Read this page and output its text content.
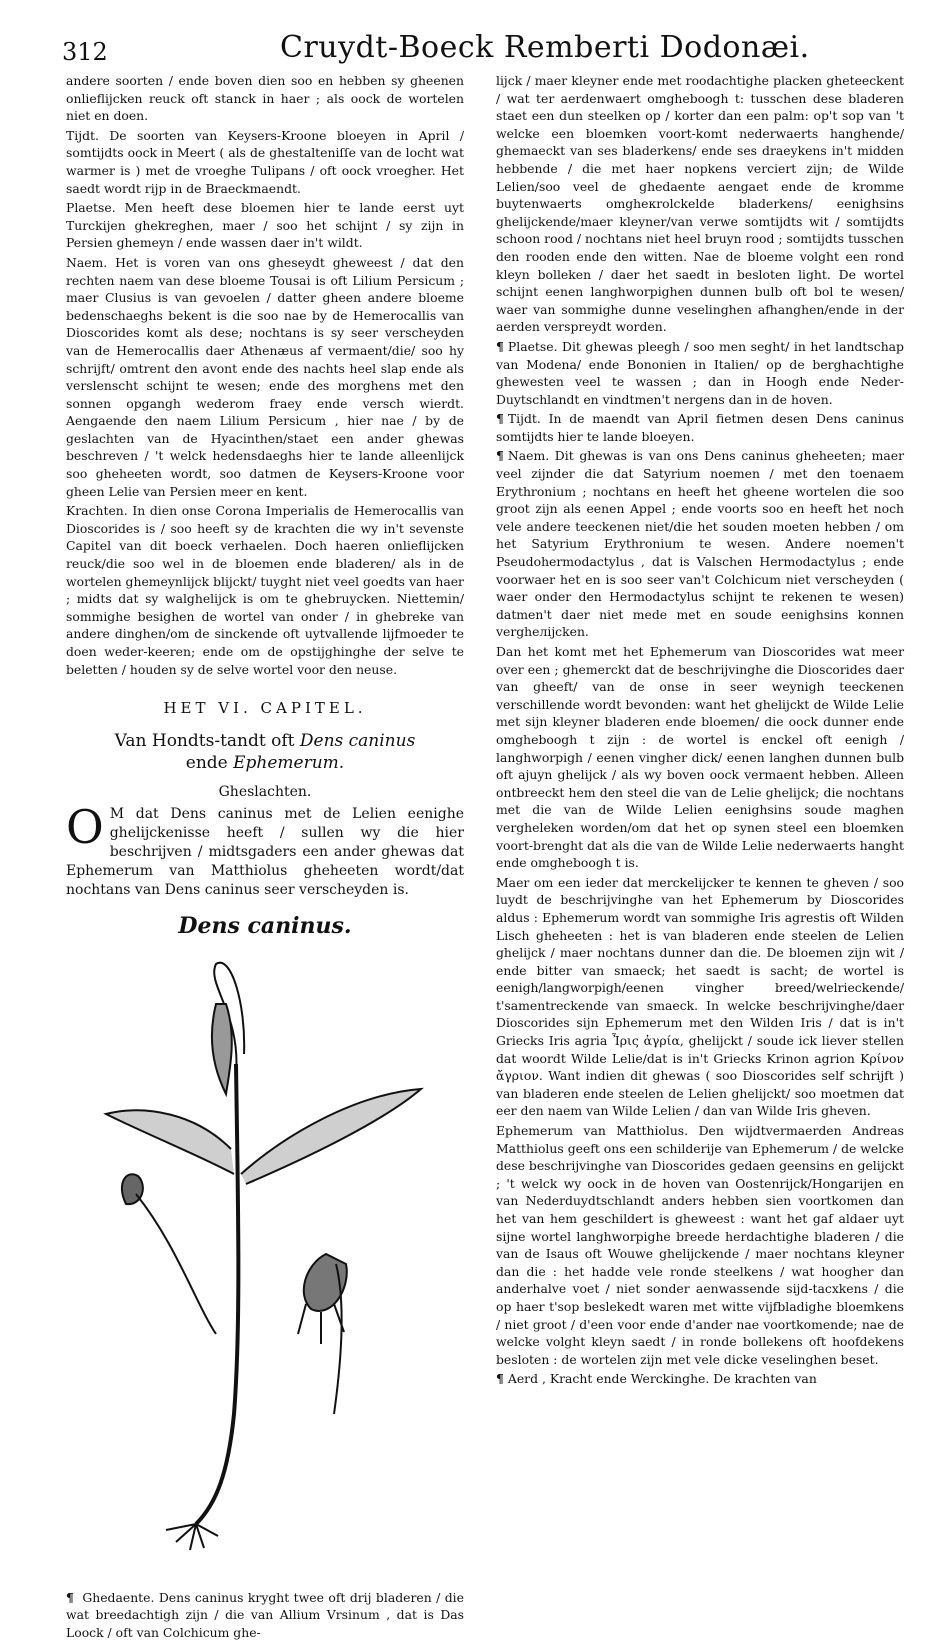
312	Cruydt-Boeck Remberti Dodonæi.

andere soorten / ende boven dien soo en hebben sy gheenen onlieflijcken reuck oft stanck in haer ; als oock de wortelen niet en doen.

Tijdt. De soorten van Keysers-Kroone bloeyen in April / somtijdts oock in Meert ( als de ghestalteniſſe van de locht wat warmer is ) met de vroeghe Tulipans / oft oock vroegher. Het saedt wordt rijp in de Braeckmaendt.

Plaetse. Men heeft dese bloemen hier te lande eerst uyt Turckijen ghekreghen, maer / soo het schijnt / sy zijn in Persien ghemeyn / ende wassen daer in't wildt.

Naem. Het is voren van ons gheseydt gheweest / dat den rechten naem van dese bloeme Tousai is oft Lilium Persicum ; maer Clusius is van gevoelen / datter gheen andere bloeme bedenschaeghs bekent is die soo nae by de Hemerocallis van Dioscorides komt als dese; nochtans is sy seer verscheyden van de Hemerocallis daer Athenæus af vermaent/die/ soo hy schrijft/ omtrent den avont ende des nachts heel slap ende als verslenscht schijnt te wesen; ende des morghens met den sonnen opgangh wederom fraey ende versch wierdt. Aengaende den naem Lilium Persicum , hier nae / by de geslachten van de Hyacinthen/staet een ander ghewas beschreven / 't welck hedensdaeghs hier te lande alleenlijck soo gheheeten wordt, soo datmen de Keysers-Kroone voor gheen Lelie van Persien meer en kent.

Krachten. In dien onse Corona Imperialis de Hemerocallis van Dioscorides is / soo heeft sy de krachten die wy in't sevenste Capitel van dit boeck verhaelen. Doch haeren onlieflijcken reuck/die soo wel in de bloemen ende bladeren/ als in de wortelen ghemeynlijck blijckt/ tuyght niet veel goedts van haer ; midts dat sy walghelijck is om te ghebruycken. Niettemin/ sommighe besighen de wortel van onder / in ghebreke van andere dinghen/om de sinckende oft uytvallende lijfmoeder te doen weder-keeren; ende om de opstijghinghe der selve te beletten / houden sy de selve wortel voor den neuse.

HET VI. CAPITEL.
Van Hondts-tandt oft Dens caninus
ende Ephemerum.
Gheslachten.

O M dat Dens caninus met de Lelien eenighe ghelijckenisse heeft / sullen wy die hier beschrijven / midtsgaders een ander ghewas dat Ephemerum van Matthiolus gheheeten wordt/dat nochtans van Dens caninus seer verscheyden is.

Dens caninus.

¶ Ghedaente. Dens caninus kryght twee oft drij bladeren / die wat breedachtigh zijn / die van Allium Vrsinum , dat is Das Loock / oft van Colchicum ghe-

lijck / maer kleyner ende met roodachtighe placken gheteeckent / wat ter aerdenwaert omgheboogh t: tusschen dese bladeren staet een dun steelken op / korter dan een palm: op't sop van 't welcke een bloemken voort-komt nederwaerts hanghende/ ghemaeckt van ses bladerkens/ ende ses draeykens in't midden hebbende / die met haer nopkens verciert zijn; de Wilde Lelien/soo veel de ghedaente aengaet ende de kromme buytenwaerts omgheкrolckelde bladerkens/ eenighsins ghelijckende/maer kleyner/van verwe somtijdts wit / somtijdts schoon rood / nochtans niet heel bruyn rood ; somtijdts tusschen den rooden ende den witten. Nae de bloeme volght een rond kleyn bolleken / daer het saedt in besloten light. De wortel schijnt eenen langhworpighen dunnen bulb oft bol te wesen/ waer van sommighe dunne veselinghen afhanghen/ende in der aerden verspreydt worden.

¶ Plaetse. Dit ghewas pleegh / soo men seght/ in het landtschap van Modena/ ende Bononien in Italien/ op de berghachtighe ghewesten veel te wassen ; dan in Hoogh ende Neder-Duytschlandt en vindtmen't nergens dan in de hoven.

¶ Tijdt. In de maendt van April fietmen desen Dens caninus somtijdts hier te lande bloeyen.

¶ Naem. Dit ghewas is van ons Dens caninus gheheeten; maer veel zijnder die dat Satyrium noemen / met den toenaem Erythronium ; nochtans en heeft het gheene wortelen die soo groot zijn als eenen Appel ; ende voorts soo en heeft het noch vele andere teeckenen niet/die het souden moeten hebben / om het Satyrium Erythronium te wesen. Andere noemen't Pseudohermodactylus , dat is Valschen Hermodactylus ; ende voorwaer het en is soo seer van't Colchicum niet verscheyden ( waer onder den Hermodactylus schijnt te rekenen te wesen) datmen't daer niet mede met en soude eenighsins konnen vergheлijcken.

Dan het komt met het Ephemerum van Dioscorides wat meer over een ; ghemerckt dat de beschrijvinghe die Dioscorides daer van gheeft/ van de onse in seer weynigh teeckenen verschillende wordt bevonden: want het ghelijckt de Wilde Lelie met sijn kleyner bladeren ende bloemen/ die oock dunner ende omgheboogh t zijn : de wortel is enckel oft eenigh / langhworpigh / eenen vingher dick/ eenen langhen dunnen bulb oft ajuyn ghelijck / als wy boven oock vermaent hebben. Alleen ontbreeckt hem den steel die van de Lelie ghelijck; die nochtans met die van de Wilde Lelien eenighsins soude maghen vergheleken worden/om dat het op synen steel een bloemken voort-brenght dat als die van de Wilde Lelie nederwaerts hanght ende omgheboogh t is.

Maer om een ieder dat merckelijcker te kennen te gheven / soo luydt de beschrijvinghe van het Ephemerum by Dioscorides aldus : Ephemerum wordt van sommighe Iris agrestis oft Wilden Lisch gheheeten : het is van bladeren ende steelen de Lelien ghelijck / maer nochtans dunner dan die. De bloemen zijn wit / ende bitter van smaeck; het saedt is sacht; de wortel is eenigh/langworpigh/eenen vingher breed/welrieckende/ t'samentreckende van smaeck. In welcke beschrijvinghe/daer Dioscorides sijn Ephemerum met den Wilden Iris / dat is in't Griecks Iris agria Ἶρις ἀγρία, ghelijckt / soude ick liever stellen dat woordt Wilde Lelie/dat is in't Griecks Krinon agrion Κρίνον ἄγριον. Want indien dit ghewas ( soo Dioscorides self schrijft ) van bladeren ende steelen de Lelien ghelijckt/ soo moetmen dat eer den naem van Wilde Lelien / dan van Wilde Iris gheven.

Ephemerum van Matthiolus. Den wijdtvermaerden Andreas Matthiolus geeft ons een schilderije van Ephemerum / de welcke dese beschrijvinghe van Dioscorides gedaen geensins en gelijckt ; 't welck wy oock in de hoven van Oostenrijck/Hongarijen en van Nederduydtschlandt anders hebben sien voortkomen dan het van hem geschildert is gheweest : want het gaf aldaer uyt sijne wortel langhworpighe breede herdachtighe bladeren / die van de Isaus oft Wouwe ghelijckende / maer nochtans kleyner dan die : het hadde vele ronde steelkens / wat hoogher dan anderhalve voet / niet sonder aenwassende sijd-tacxkens / die op haer t'sop beslekedt waren met witte vijfbladighe bloemkens / niet groot / d'een voor ende d'ander nae voortkomende; nae de welcke volght kleyn saedt / in ronde bollekens oft hoofdekens besloten : de wortelen zijn met vele dicke veselinghen beset.

¶ Aerd , Kracht ende Werckinghe. De krachten van
